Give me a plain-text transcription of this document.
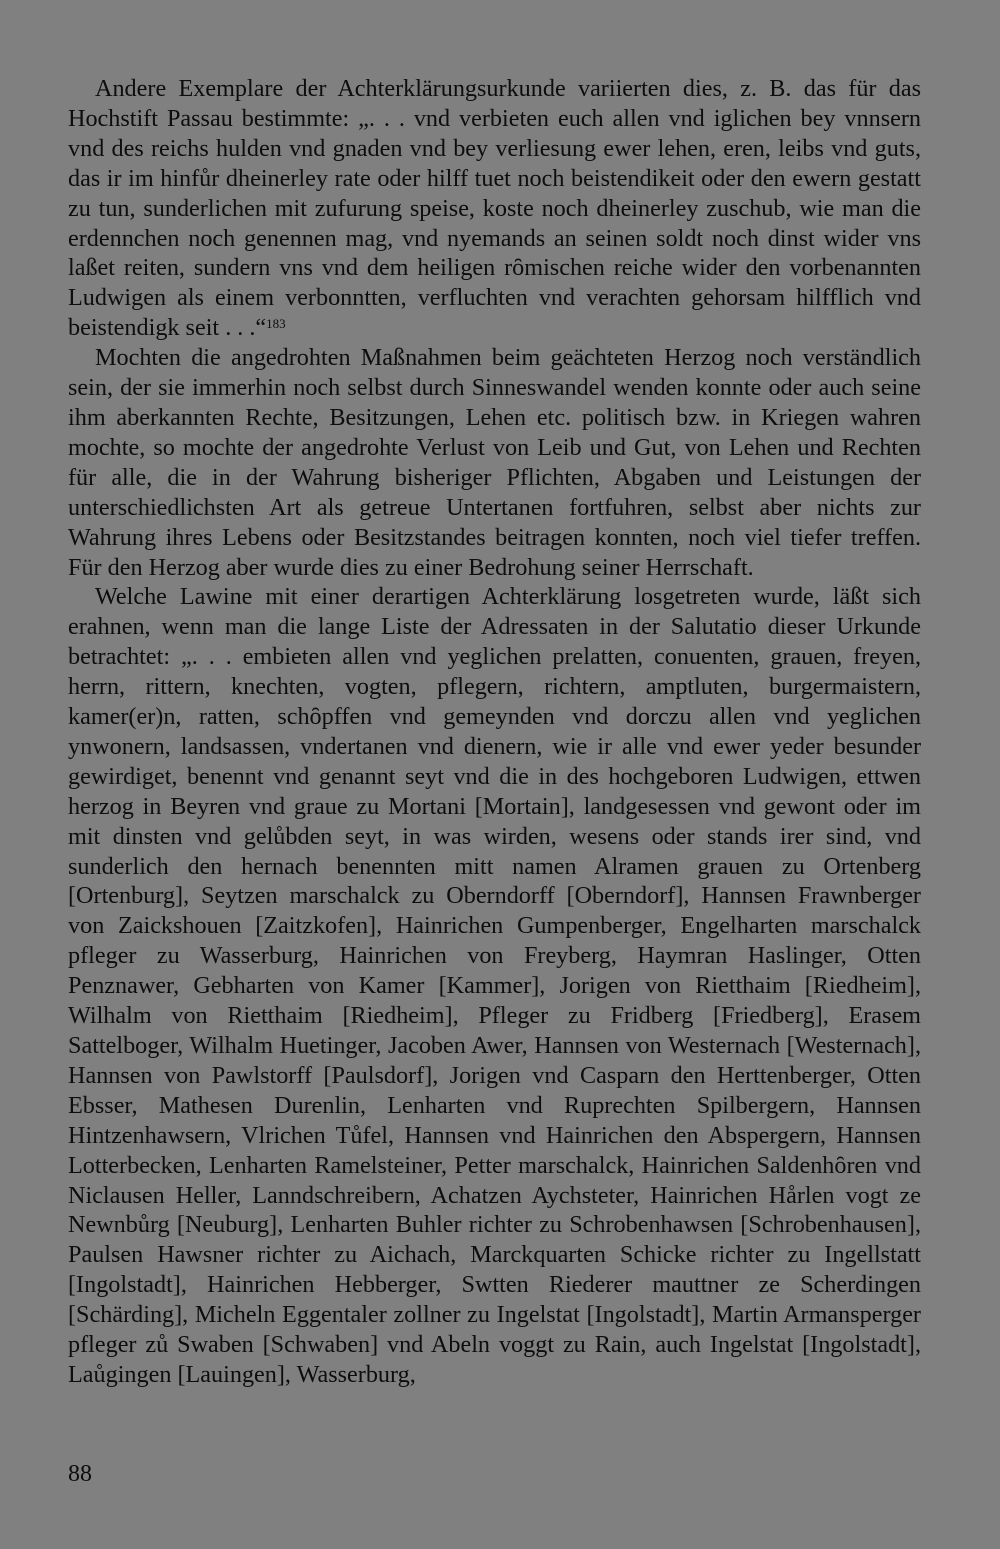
Andere Exemplare der Achterklärungsurkunde variierten dies, z. B. das für das Hochstift Passau bestimmte: „. . . vnd verbieten euch allen vnd iglichen bey vnnsern vnd des reichs hulden vnd gnaden vnd bey verliesung ewer lehen, eren, leibs vnd guts, das ir im hinfůr dheinerley rate oder hilff tuet noch beistendikeit oder den ewern gestatt zu tun, sunderlichen mit zufurung speise, koste noch dheinerley zuschub, wie man die erdennchen noch genennen mag, vnd nyemands an seinen soldt noch dinst wider vns laßet reiten, sundern vns vnd dem heiligen rȏmischen reiche wider den vorbenannten Ludwigen als einem verbonntten, verfluchten vnd verachten gehorsam hilfflich vnd beistendigk seit . . .“$^{183}$

Mochten die angedrohten Maßnahmen beim geächteten Herzog noch verständlich sein, der sie immerhin noch selbst durch Sinneswandel wenden konnte oder auch seine ihm aberkannten Rechte, Besitzungen, Lehen etc. politisch bzw. in Kriegen wahren mochte, so mochte der angedrohte Verlust von Leib und Gut, von Lehen und Rechten für alle, die in der Wahrung bisheriger Pflichten, Abgaben und Leistungen der unterschiedlichsten Art als getreue Untertanen fortfuhren, selbst aber nichts zur Wahrung ihres Lebens oder Besitzstandes beitragen konnten, noch viel tiefer treffen. Für den Herzog aber wurde dies zu einer Bedrohung seiner Herrschaft.

Welche Lawine mit einer derartigen Achterklärung losgetreten wurde, läßt sich erahnen, wenn man die lange Liste der Adressaten in der Salutatio dieser Urkunde betrachtet: „. . . embieten allen vnd yeglichen prelatten, conuenten, grauen, freyen, herrn, rittern, knechten, vogten, pflegern, richtern, amptluten, burgermaistern, kamer(er)n, ratten, schȏpffen vnd gemeynden vnd dorczu allen vnd yeglichen ynwonern, landsassen, vndertanen vnd dienern, wie ir alle vnd ewer yeder besunder gewirdiget, benennt vnd genannt seyt vnd die in des hochgeboren Ludwigen, ettwen herzog in Beyren vnd graue zu Mortani [Mortain], landgesessen vnd gewont oder im mit dinsten vnd gelůbden seyt, in was wirden, wesens oder stands irer sind, vnd sunderlich den hernach benennten mitt namen Alramen grauen zu Ortenberg [Ortenburg], Seytzen marschalck zu Oberndorff [Oberndorf], Hannsen Frawnberger von Zaickshouen [Zaitzkofen], Hainrichen Gumpenberger, Engelharten marschalck pfleger zu Wasserburg, Hainrichen von Freyberg, Haymran Haslinger, Otten Penznawer, Gebharten von Kamer [Kammer], Jorigen von Rietthaim [Riedheim], Wilhalm von Rietthaim [Riedheim], Pfleger zu Fridberg [Friedberg], Erasem Sattelboger, Wilhalm Huetinger, Jacoben Awer, Hannsen von Westernach [Westernach], Hannsen von Pawlstorff [Paulsdorf], Jorigen vnd Casparn den Herttenberger, Otten Ebsser, Mathesen Durenlin, Lenharten vnd Ruprechten Spilbergern, Hannsen Hintzenhawsern, Vlrichen Tůfel, Hannsen vnd Hainrichen den Abspergern, Hannsen Lotterbecken, Lenharten Ramelsteiner, Petter marschalck, Hainrichen Saldenhȏren vnd Niclausen Heller, Lanndschreibern, Achatzen Aychsteter, Hainrichen Hårlen vogt ze Newnbůrg [Neuburg], Lenharten Buhler richter zu Schrobenhawsen [Schrobenhausen], Paulsen Hawsner richter zu Aichach, Marckquarten Schicke richter zu Ingellstatt [Ingolstadt], Hainrichen Hebberger, Swtten Riederer mauttner ze Scherdingen [Schärding], Micheln Eggentaler zollner zu Ingelstat [Ingolstadt], Martin Armansperger pfleger zů Swaben [Schwaben] vnd Abeln voggt zu Rain, auch Ingelstat [Ingolstadt], Laůgingen [Lauingen], Wasserburg,

88
